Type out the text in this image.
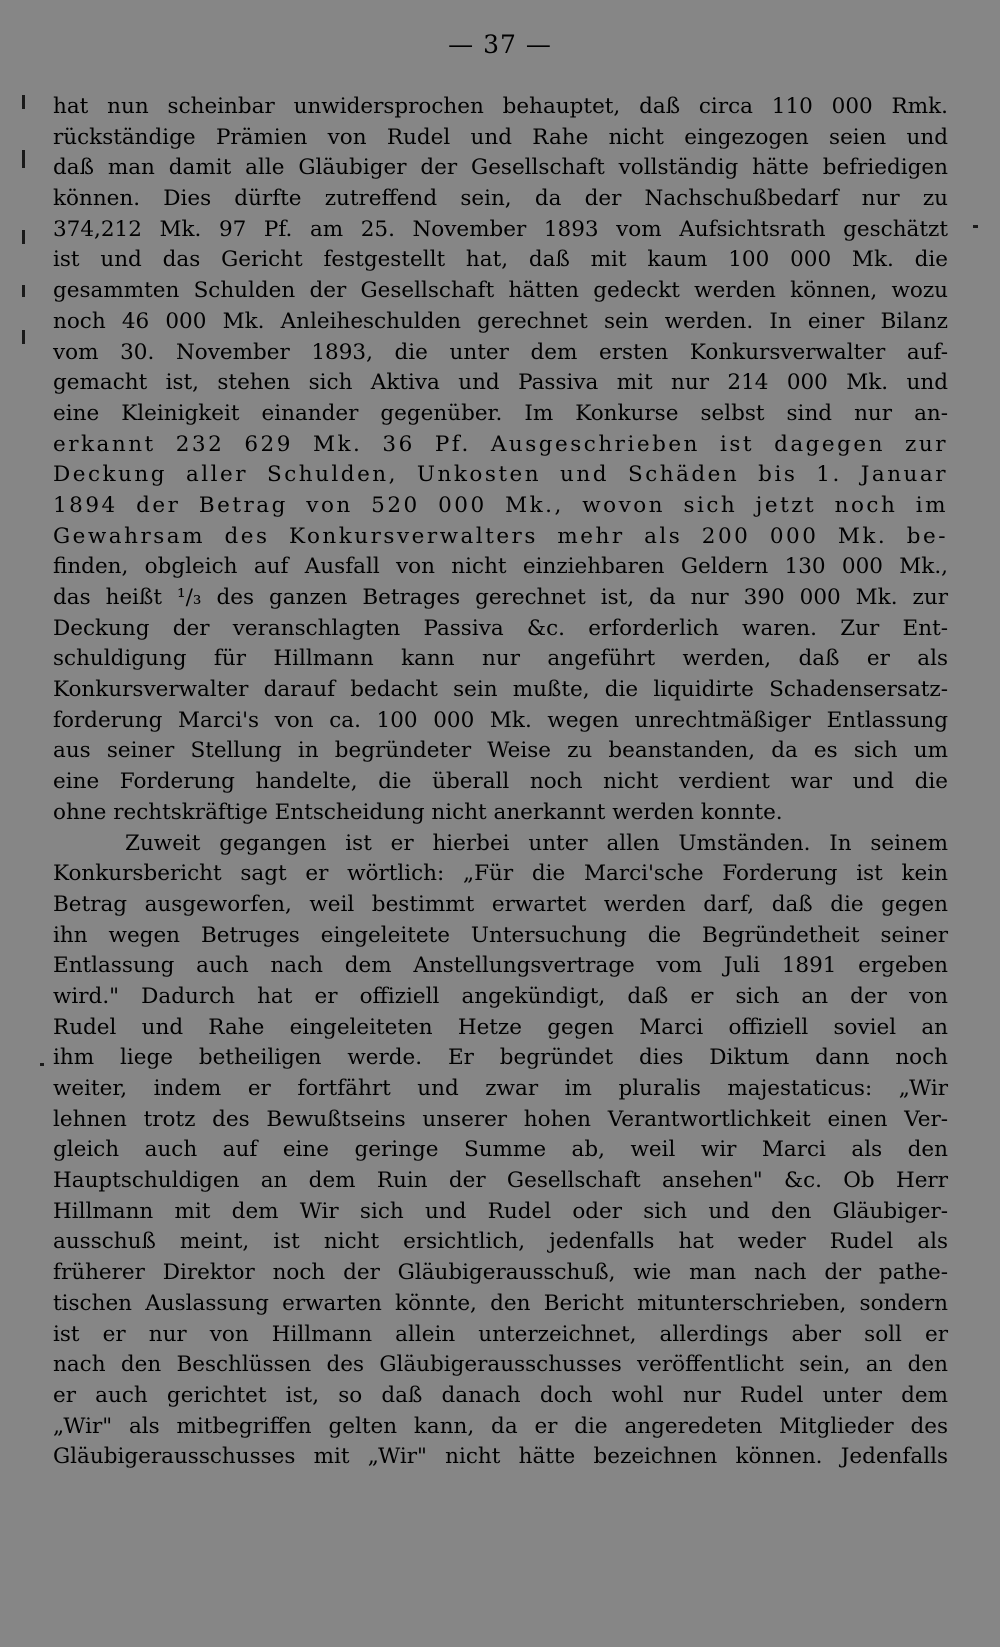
— 37 —
hat nun scheinbar unwidersprochen behauptet, daß circa 110 000 Rmk.
rückständige Prämien von Rudel und Rahe nicht eingezogen seien und
daß man damit alle Gläubiger der Gesellschaft vollständig hätte befriedigen
können. Dies dürfte zutreffend sein, da der Nachschußbedarf nur zu
374,212 Mk. 97 Pf. am 25. November 1893 vom Aufsichtsrath geschätzt
ist und das Gericht festgestellt hat, daß mit kaum 100 000 Mk. die
gesammten Schulden der Gesellschaft hätten gedeckt werden können, wozu
noch 46 000 Mk. Anleiheschulden gerechnet sein werden. In einer Bilanz
vom 30. November 1893, die unter dem ersten Konkursverwalter auf-
gemacht ist, stehen sich Aktiva und Passiva mit nur 214 000 Mk. und
eine Kleinigkeit einander gegenüber. Im Konkurse selbst sind nur an-
erkannt 232 629 Mk. 36 Pf. Ausgeschrieben ist dagegen zur
Deckung aller Schulden, Unkosten und Schäden bis 1. Januar
1894 der Betrag von 520 000 Mk., wovon sich jetzt noch im
Gewahrsam des Konkursverwalters mehr als 200 000 Mk. be-
finden, obgleich auf Ausfall von nicht einziehbaren Geldern 130 000 Mk.,
das heißt ¹/₃ des ganzen Betrages gerechnet ist, da nur 390 000 Mk. zur
Deckung der veranschlagten Passiva &c. erforderlich waren. Zur Ent-
schuldigung für Hillmann kann nur angeführt werden, daß er als
Konkursverwalter darauf bedacht sein mußte, die liquidirte Schadensersatz-
forderung Marci's von ca. 100 000 Mk. wegen unrechtmäßiger Entlassung
aus seiner Stellung in begründeter Weise zu beanstanden, da es sich um
eine Forderung handelte, die überall noch nicht verdient war und die
ohne rechtskräftige Entscheidung nicht anerkannt werden konnte.
Zuweit gegangen ist er hierbei unter allen Umständen. In seinem
Konkursbericht sagt er wörtlich: „Für die Marci'sche Forderung ist kein
Betrag ausgeworfen, weil bestimmt erwartet werden darf, daß die gegen
ihn wegen Betruges eingeleitete Untersuchung die Begründetheit seiner
Entlassung auch nach dem Anstellungsvertrage vom Juli 1891 ergeben
wird." Dadurch hat er offiziell angekündigt, daß er sich an der von
Rudel und Rahe eingeleiteten Hetze gegen Marci offiziell soviel an
ihm liege betheiligen werde. Er begründet dies Diktum dann noch
weiter, indem er fortfährt und zwar im pluralis majestaticus: „Wir
lehnen trotz des Bewußtseins unserer hohen Verantwortlichkeit einen Ver-
gleich auch auf eine geringe Summe ab, weil wir Marci als den
Hauptschuldigen an dem Ruin der Gesellschaft ansehen" &c. Ob Herr
Hillmann mit dem Wir sich und Rudel oder sich und den Gläubiger-
ausschuß meint, ist nicht ersichtlich, jedenfalls hat weder Rudel als
früherer Direktor noch der Gläubigerausschuß, wie man nach der pathe-
tischen Auslassung erwarten könnte, den Bericht mitunterschrieben, sondern
ist er nur von Hillmann allein unterzeichnet, allerdings aber soll er
nach den Beschlüssen des Gläubigerausschusses veröffentlicht sein, an den
er auch gerichtet ist, so daß danach doch wohl nur Rudel unter dem
„Wir" als mitbegriffen gelten kann, da er die angeredeten Mitglieder des
Gläubigerausschusses mit „Wir" nicht hätte bezeichnen können. Jedenfalls
